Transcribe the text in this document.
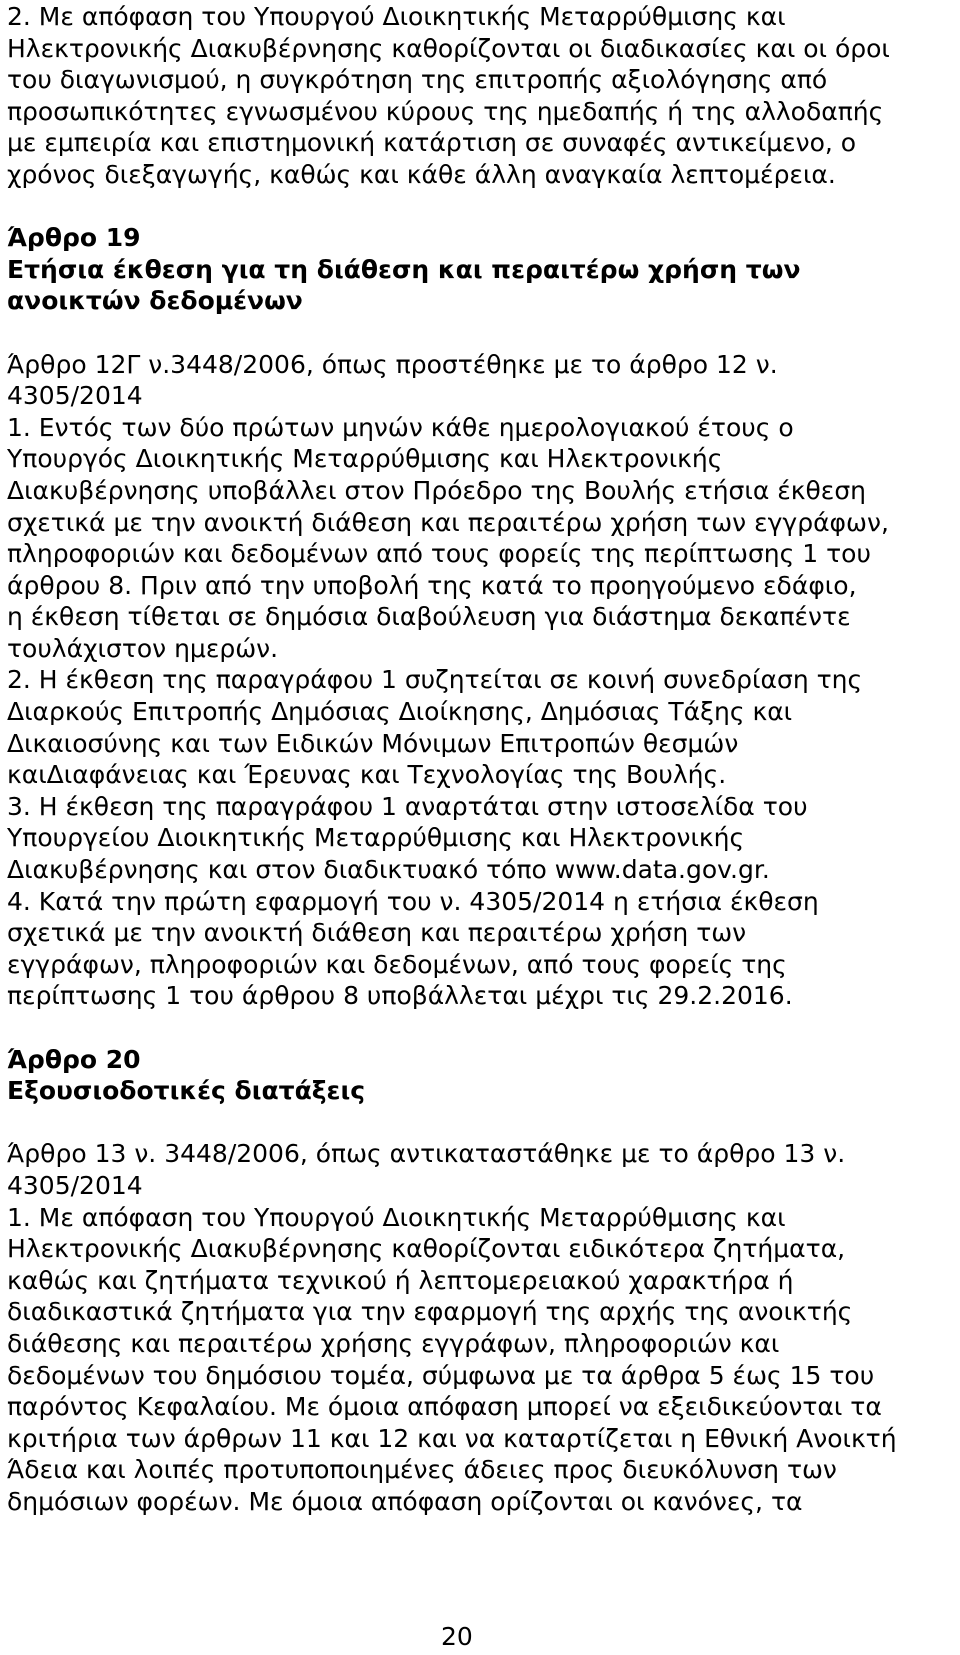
2. Με απόφαση του Υπουργού Διοικητικής Μεταρρύθμισης και
Ηλεκτρονικής Διακυβέρνησης καθορίζονται οι διαδικασίες και οι όροι
του διαγωνισμού, η συγκρότηση της επιτροπής αξιολόγησης από
προσωπικότητες εγνωσμένου κύρους της ημεδαπής ή της αλλοδαπής
με εμπειρία και επιστημονική κατάρτιση σε συναφές αντικείμενο, ο
χρόνος διεξαγωγής, καθώς και κάθε άλλη αναγκαία λεπτομέρεια.
Άρθρο 19
Ετήσια έκθεση για τη διάθεση και περαιτέρω χρήση των
ανοικτών δεδομένων
Άρθρο 12Γ ν.3448/2006, όπως προστέθηκε με το άρθρο 12 ν.
4305/2014
1. Εντός των δύο πρώτων μηνών κάθε ημερολογιακού έτους ο
Υπουργός Διοικητικής Μεταρρύθμισης και Ηλεκτρονικής
Διακυβέρνησης υποβάλλει στον Πρόεδρο της Βουλής ετήσια έκθεση
σχετικά με την ανοικτή διάθεση και περαιτέρω χρήση των εγγράφων,
πληροφοριών και δεδομένων από τους φορείς της περίπτωσης 1 του
άρθρου 8. Πριν από την υποβολή της κατά το προηγούμενο εδάφιο,
η έκθεση τίθεται σε δημόσια διαβούλευση για διάστημα δεκαπέντε
τουλάχιστον ημερών.
2. Η έκθεση της παραγράφου 1 συζητείται σε κοινή συνεδρίαση της
Διαρκούς Επιτροπής Δημόσιας Διοίκησης, Δημόσιας Τάξης και
Δικαιοσύνης και των Ειδικών Μόνιμων Επιτροπών θεσμών
καιΔιαφάνειας και Έρευνας και Τεχνολογίας της Βουλής.
3. Η έκθεση της παραγράφου 1 αναρτάται στην ιστοσελίδα του
Υπουργείου Διοικητικής Μεταρρύθμισης και Ηλεκτρονικής
Διακυβέρνησης και στον διαδικτυακό τόπο www.data.gov.gr.
4. Κατά την πρώτη εφαρμογή του ν. 4305/2014 η ετήσια έκθεση
σχετικά με την ανοικτή διάθεση και περαιτέρω χρήση των
εγγράφων, πληροφοριών και δεδομένων, από τους φορείς της
περίπτωσης 1 του άρθρου 8 υποβάλλεται μέχρι τις 29.2.2016.
Άρθρο 20
Εξουσιοδοτικές διατάξεις
Άρθρο 13 ν. 3448/2006, όπως αντικαταστάθηκε με το άρθρο 13 ν.
4305/2014
1. Με απόφαση του Υπουργού Διοικητικής Μεταρρύθμισης και
Ηλεκτρονικής Διακυβέρνησης καθορίζονται ειδικότερα ζητήματα,
καθώς και ζητήματα τεχνικού ή λεπτομερειακού χαρακτήρα ή
διαδικαστικά ζητήματα για την εφαρμογή της αρχής της ανοικτής
διάθεσης και περαιτέρω χρήσης εγγράφων, πληροφοριών και
δεδομένων του δημόσιου τομέα, σύμφωνα με τα άρθρα 5 έως 15 του
παρόντος Κεφαλαίου. Με όμοια απόφαση μπορεί να εξειδικεύονται τα
κριτήρια των άρθρων 11 και 12 και να καταρτίζεται η Εθνική Ανοικτή
Άδεια και λοιπές προτυποποιημένες άδειες προς διευκόλυνση των
δημόσιων φορέων. Με όμοια απόφαση ορίζονται οι κανόνες, τα
20
